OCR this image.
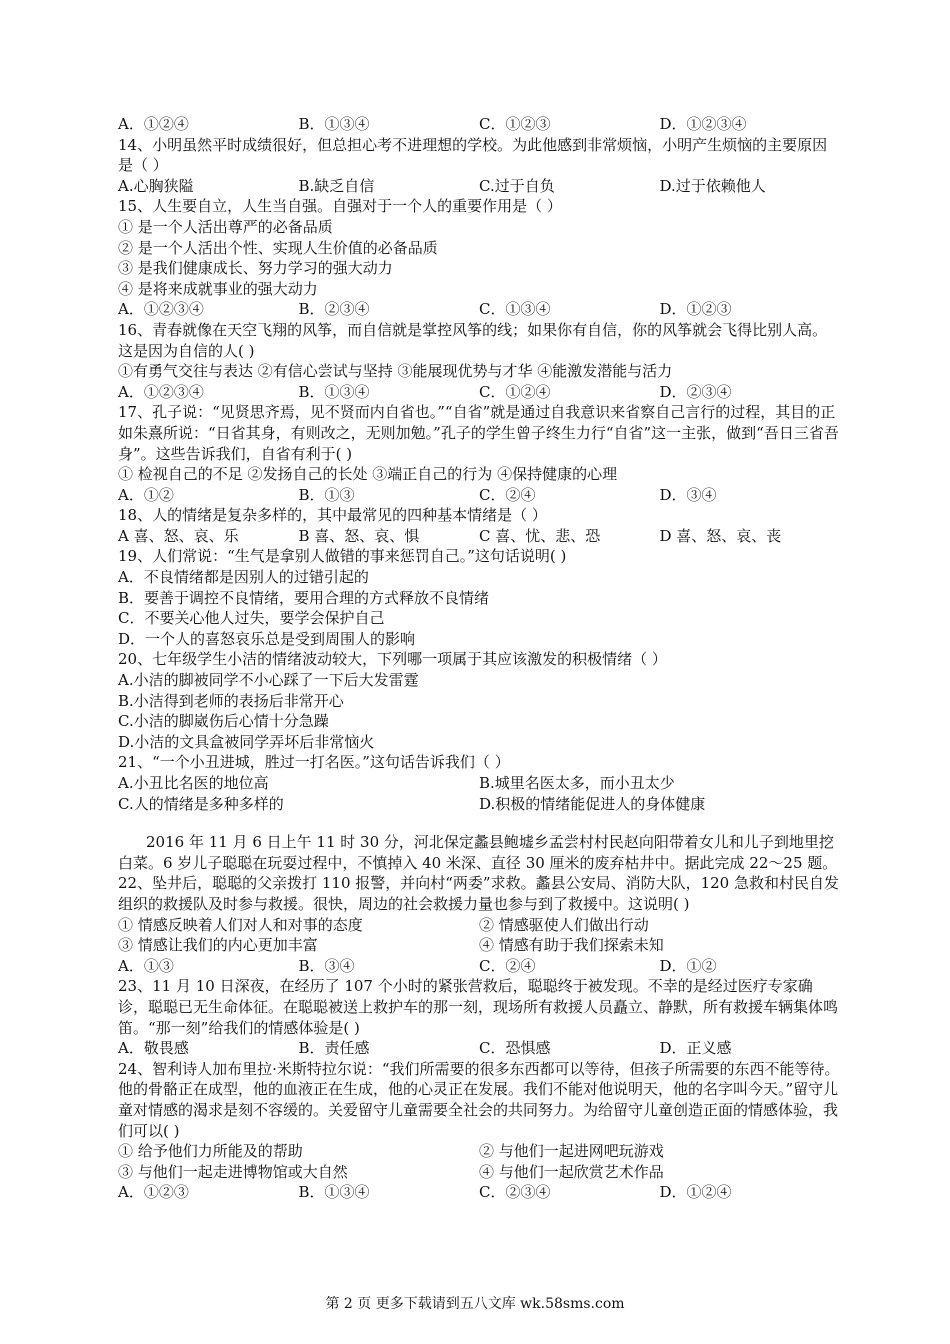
A．①②④	B．①③④	C．①②③	D．①②③④
14、小明虽然平时成绩很好，但总担心考不进理想的学校。为此他感到非常烦恼，小明产生烦恼的主要原因是（ ）
A.心胸狭隘	B.缺乏自信	C.过于自负	D.过于依赖他人
15、人生要自立，人生当自强。自强对于一个人的重要作用是（ ）
① 是一个人活出尊严的必备品质
② 是一个人活出个性、实现人生价值的必备品质
③ 是我们健康成长、努力学习的强大动力
④ 是将来成就事业的强大动力
A．①②③④	B．②③④	C．①③④	D．①②③
16、青春就像在天空飞翔的风筝，而自信就是掌控风筝的线；如果你有自信，你的风筝就会飞得比别人高。这是因为自信的人( )
①有勇气交往与表达 ②有信心尝试与坚持 ③能展现优势与才华 ④能激发潜能与活力
A．①②③④	B．①③④	C．①②④	D．②③④
17、孔子说：“见贤思齐焉，见不贤而内自省也。”“自省”就是通过自我意识来省察自己言行的过程，其目的正如朱熹所说：“日省其身，有则改之，无则加勉。”孔子的学生曾子终生力行“自省”这一主张，做到“吾日三省吾身”。这些告诉我们，自省有利于( )
① 检视自己的不足 ②发扬自己的长处 ③端正自己的行为 ④保持健康的心理
A．①②	B．①③	C．②④	D．③④
18、人的情绪是复杂多样的，其中最常见的四种基本情绪是（ ）
A 喜、怒、哀、乐	B 喜、怒、哀、惧	C 喜、忧、悲、恐	D 喜、怒、哀、丧
19、人们常说：“生气是拿别人做错的事来惩罚自己。”这句话说明( )
A．不良情绪都是因别人的过错引起的
B．要善于调控不良情绪，要用合理的方式释放不良情绪
C．不要关心他人过失，要学会保护自己
D．一个人的喜怒哀乐总是受到周围人的影响
20、七年级学生小洁的情绪波动较大，下列哪一项属于其应该激发的积极情绪（ ）
A.小洁的脚被同学不小心踩了一下后大发雷霆
B.小洁得到老师的表扬后非常开心
C.小洁的脚崴伤后心情十分急躁
D.小洁的文具盒被同学弄坏后非常恼火
21、“一个小丑进城，胜过一打名医。”这句话告诉我们（ ）
A.小丑比名医的地位高	B.城里名医太多，而小丑太少
C.人的情绪是多种多样的	D.积极的情绪能促进人的身体健康
2016 年 11 月 6 日上午 11 时 30 分，河北保定蠡县鲍墟乡孟尝村村民赵向阳带着女儿和儿子到地里挖白菜。6 岁儿子聪聪在玩耍过程中，不慎掉入 40 米深、直径 30 厘米的废弃枯井中。据此完成 22～25 题。
22、坠井后，聪聪的父亲拨打 110 报警，并向村“两委”求救。蠡县公安局、消防大队，120 急救和村民自发组织的救援队及时参与救援。很快，周边的社会救援力量也参与到了救援中。这说明( )
① 情感反映着人们对人和对事的态度	② 情感驱使人们做出行动
③ 情感让我们的内心更加丰富	④ 情感有助于我们探索未知
A．①③	B．③④	C．②④	D．①②
23、11 月 10 日深夜，在经历了 107 个小时的紧张营救后，聪聪终于被发现。不幸的是经过医疗专家确诊，聪聪已无生命体征。在聪聪被送上救护车的那一刻，现场所有救援人员矗立、静默，所有救援车辆集体鸣笛。“那一刻”给我们的情感体验是( )
A．敬畏感	B．责任感	C．恐惧感	D．正义感
24、智利诗人加布里拉·米斯特拉尔说：“我们所需要的很多东西都可以等待，但孩子所需要的东西不能等待。他的骨骼正在成型，他的血液正在生成，他的心灵正在发展。我们不能对他说明天，他的名字叫今天。”留守儿童对情感的渴求是刻不容缓的。关爱留守儿童需要全社会的共同努力。为给留守儿童创造正面的情感体验，我们可以( )
① 给予他们力所能及的帮助	② 与他们一起进网吧玩游戏
③ 与他们一起走进博物馆或大自然	④ 与他们一起欣赏艺术作品
A．①②③	B．①③④	C．②③④	D．①②④
第 2 页 更多下载请到五八文库 wk.58sms.com
